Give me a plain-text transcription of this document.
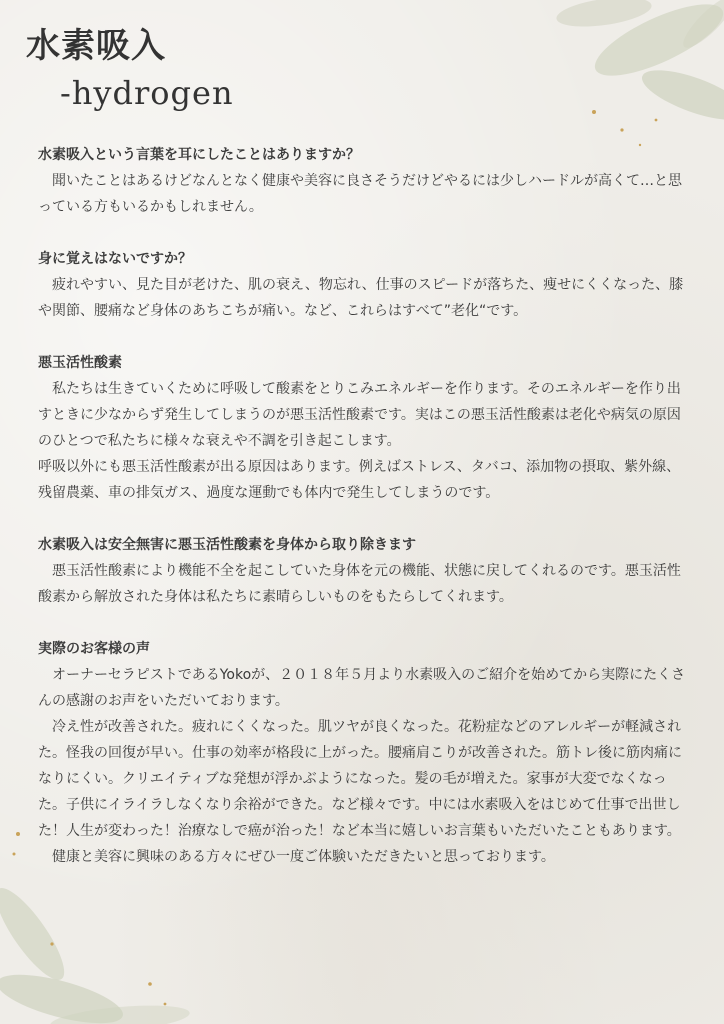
水素吸入

-hydrogen

水素吸入という言葉を耳にしたことはありますか？

　聞いたことはあるけどなんとなく健康や美容に良さそうだけどやるには少しハードルが高くて…と思っている方もいるかもしれません。

身に覚えはないですか？

　疲れやすい、見た目が老けた、肌の衰え、物忘れ、仕事のスピードが落ちた、痩せにくくなった、膝や関節、腰痛など身体のあちこちが痛い。など、これらはすべて”老化“です。

悪玉活性酸素

　私たちは生きていくために呼吸して酸素をとりこみエネルギーを作ります。そのエネルギーを作り出すときに少なからず発生してしまうのが悪玉活性酸素です。実はこの悪玉活性酸素は老化や病気の原因のひとつで私たちに様々な衰えや不調を引き起こします。

呼吸以外にも悪玉活性酸素が出る原因はあります。例えばストレス、タバコ、添加物の摂取、紫外線、残留農薬、車の排気ガス、過度な運動でも体内で発生してしまうのです。

水素吸入は安全無害に悪玉活性酸素を身体から取り除きます

　悪玉活性酸素により機能不全を起こしていた身体を元の機能、状態に戻してくれるのです。悪玉活性酸素から解放された身体は私たちに素晴らしいものをもたらしてくれます。

実際のお客様の声

　オーナーセラピストであるYokoが、２０１８年５月より水素吸入のご紹介を始めてから実際にたくさんの感謝のお声をいただいております。

　冷え性が改善された。疲れにくくなった。肌ツヤが良くなった。花粉症などのアレルギーが軽減された。怪我の回復が早い。仕事の効率が格段に上がった。腰痛肩こりが改善された。筋トレ後に筋肉痛になりにくい。クリエイティブな発想が浮かぶようになった。髪の毛が増えた。家事が大変でなくなった。子供にイライラしなくなり余裕ができた。など様々です。中には水素吸入をはじめて仕事で出世した！人生が変わった！治療なしで癌が治った！など本当に嬉しいお言葉もいただいたこともあります。

　健康と美容に興味のある方々にぜひ一度ご体験いただきたいと思っております。
